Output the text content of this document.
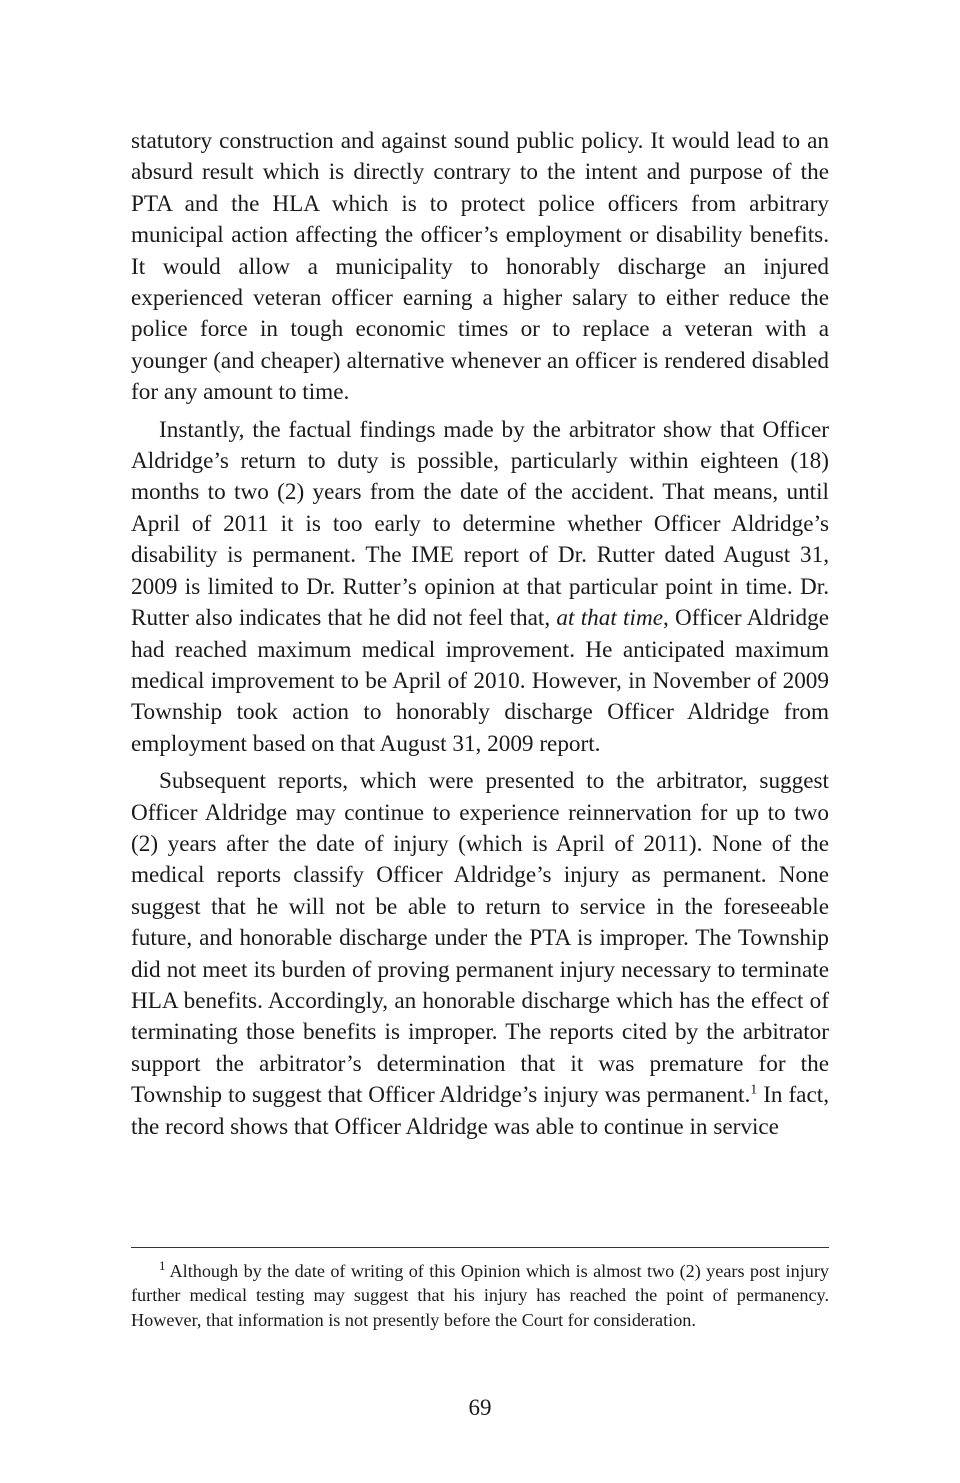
statutory construction and against sound public policy. It would lead to an absurd result which is directly contrary to the intent and purpose of the PTA and the HLA which is to protect police officers from arbitrary municipal action affecting the officer’s employment or disability benefits. It would allow a municipality to honorably discharge an injured experienced veteran officer earning a higher salary to either reduce the police force in tough economic times or to replace a veteran with a younger (and cheaper) alternative whenever an officer is rendered disabled for any amount to time.

Instantly, the factual findings made by the arbitrator show that Officer Aldridge’s return to duty is possible, particularly within eighteen (18) months to two (2) years from the date of the accident. That means, until April of 2011 it is too early to determine whether Officer Aldridge’s disability is permanent. The IME report of Dr. Rutter dated August 31, 2009 is limited to Dr. Rutter’s opinion at that particular point in time. Dr. Rutter also indicates that he did not feel that, at that time, Officer Aldridge had reached maximum medical improvement. He anticipated maximum medical improvement to be April of 2010. However, in November of 2009 Township took action to honorably discharge Officer Aldridge from employment based on that August 31, 2009 report.

Subsequent reports, which were presented to the arbitrator, suggest Officer Aldridge may continue to experience reinnervation for up to two (2) years after the date of injury (which is April of 2011). None of the medical reports classify Officer Aldridge’s injury as permanent. None suggest that he will not be able to return to service in the foreseeable future, and honorable discharge under the PTA is improper. The Township did not meet its burden of proving permanent injury necessary to terminate HLA benefits. Accordingly, an honorable discharge which has the effect of terminating those benefits is improper. The reports cited by the arbitrator support the arbitrator’s determination that it was premature for the Township to suggest that Officer Aldridge’s injury was permanent.$^1$ In fact, the record shows that Officer Aldridge was able to continue in service

$^1$ Although by the date of writing of this Opinion which is almost two (2) years post injury further medical testing may suggest that his injury has reached the point of permanency. However, that information is not presently before the Court for consideration.

69
